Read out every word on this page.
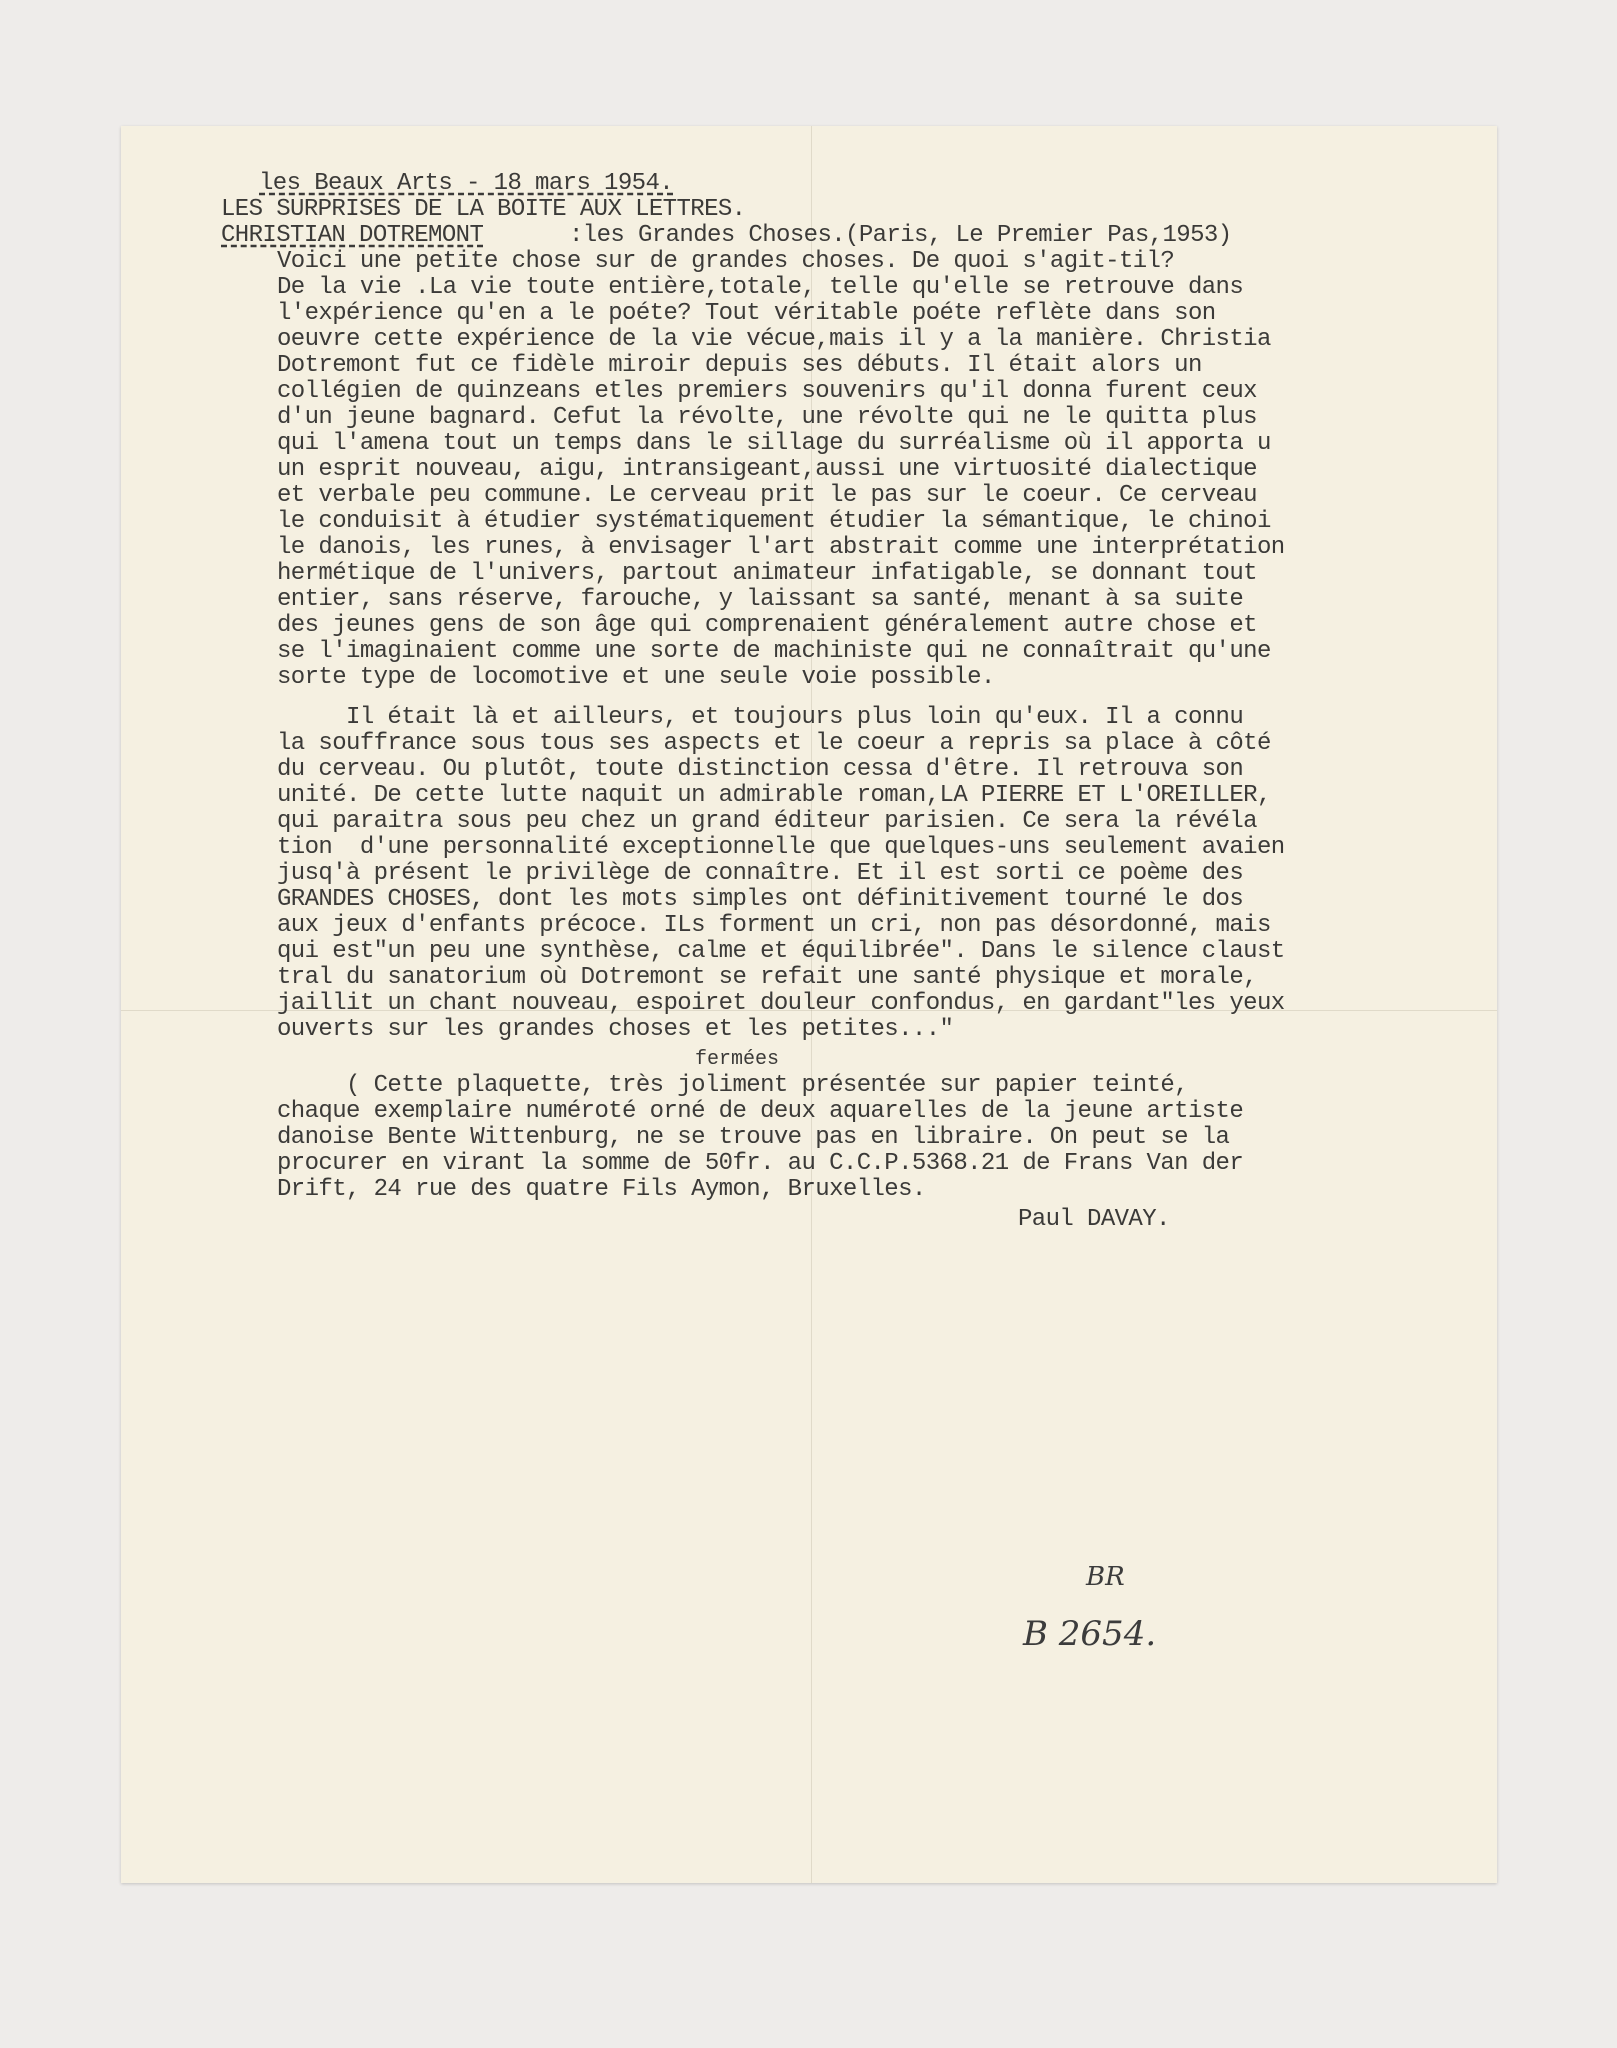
les Beaux Arts - 18 mars 1954.

LES SURPRISES DE LA BOITE AUX LETTRES.

CHRISTIAN DOTREMONT

	:les Grandes Choses.(Paris, Le Premier Pas,1953)

Voici une petite chose sur de grandes choses. De quoi s'agit-til?

De la vie .La vie toute entière,totale, telle qu'elle se retrouve dans

l'expérience qu'en a le poéte? Tout véritable poéte reflète dans son

oeuvre cette expérience de la vie vécue,mais il y a la manière. Christia

Dotremont fut ce fidèle miroir depuis ses débuts. Il était alors un

collégien de quinzeans etles premiers souvenirs qu'il donna furent ceux

d'un jeune bagnard. Cefut la révolte, une révolte qui ne le quitta plus

qui l'amena tout un temps dans le sillage du surréalisme où il apporta u

un esprit nouveau, aigu, intransigeant,aussi une virtuosité dialectique

et verbale peu commune. Le cerveau prit le pas sur le coeur. Ce cerveau

le conduisit à étudier systématiquement étudier la sémantique, le chinoi

le danois, les runes, à envisager l'art abstrait comme une interprétation

hermétique de l'univers, partout animateur infatigable, se donnant tout

entier, sans réserve, farouche, y laissant sa santé, menant à sa suite

des jeunes gens de son âge qui comprenaient généralement autre chose et

se l'imaginaient comme une sorte de machiniste qui ne connaîtrait qu'une

sorte type de locomotive et une seule voie possible.

Il était là et ailleurs, et toujours plus loin qu'eux. Il a connu

la souffrance sous tous ses aspects et le coeur a repris sa place à côté

du cerveau. Ou plutôt, toute distinction cessa d'être. Il retrouva son

unité. De cette lutte naquit un admirable roman,LA PIERRE ET L'OREILLER,

qui paraitra sous peu chez un grand éditeur parisien. Ce sera la révéla

tion  d'une personnalité exceptionnelle que quelques-uns seulement avaien

jusq'à présent le privilège de connaître. Et il est sorti ce poème des

GRANDES CHOSES, dont les mots simples ont définitivement tourné le dos

aux jeux d'enfants précoce. ILs forment un cri, non pas désordonné, mais

qui est"un peu une synthèse, calme et équilibrée". Dans le silence claust

tral du sanatorium où Dotremont se refait une santé physique et morale,

jaillit un chant nouveau, espoiret douleur confondus, en gardant"les yeux

ouverts sur les grandes choses et les petites..."

fermées

( Cette plaquette, très joliment présentée sur papier teinté,

chaque exemplaire numéroté orné de deux aquarelles de la jeune artiste

danoise Bente Wittenburg, ne se trouve pas en libraire. On peut se la

procurer en virant la somme de 50fr. au C.C.P.5368.21 de Frans Van der

Drift, 24 rue des quatre Fils Aymon, Bruxelles.

Paul DAVAY.

BR
B 2654.
